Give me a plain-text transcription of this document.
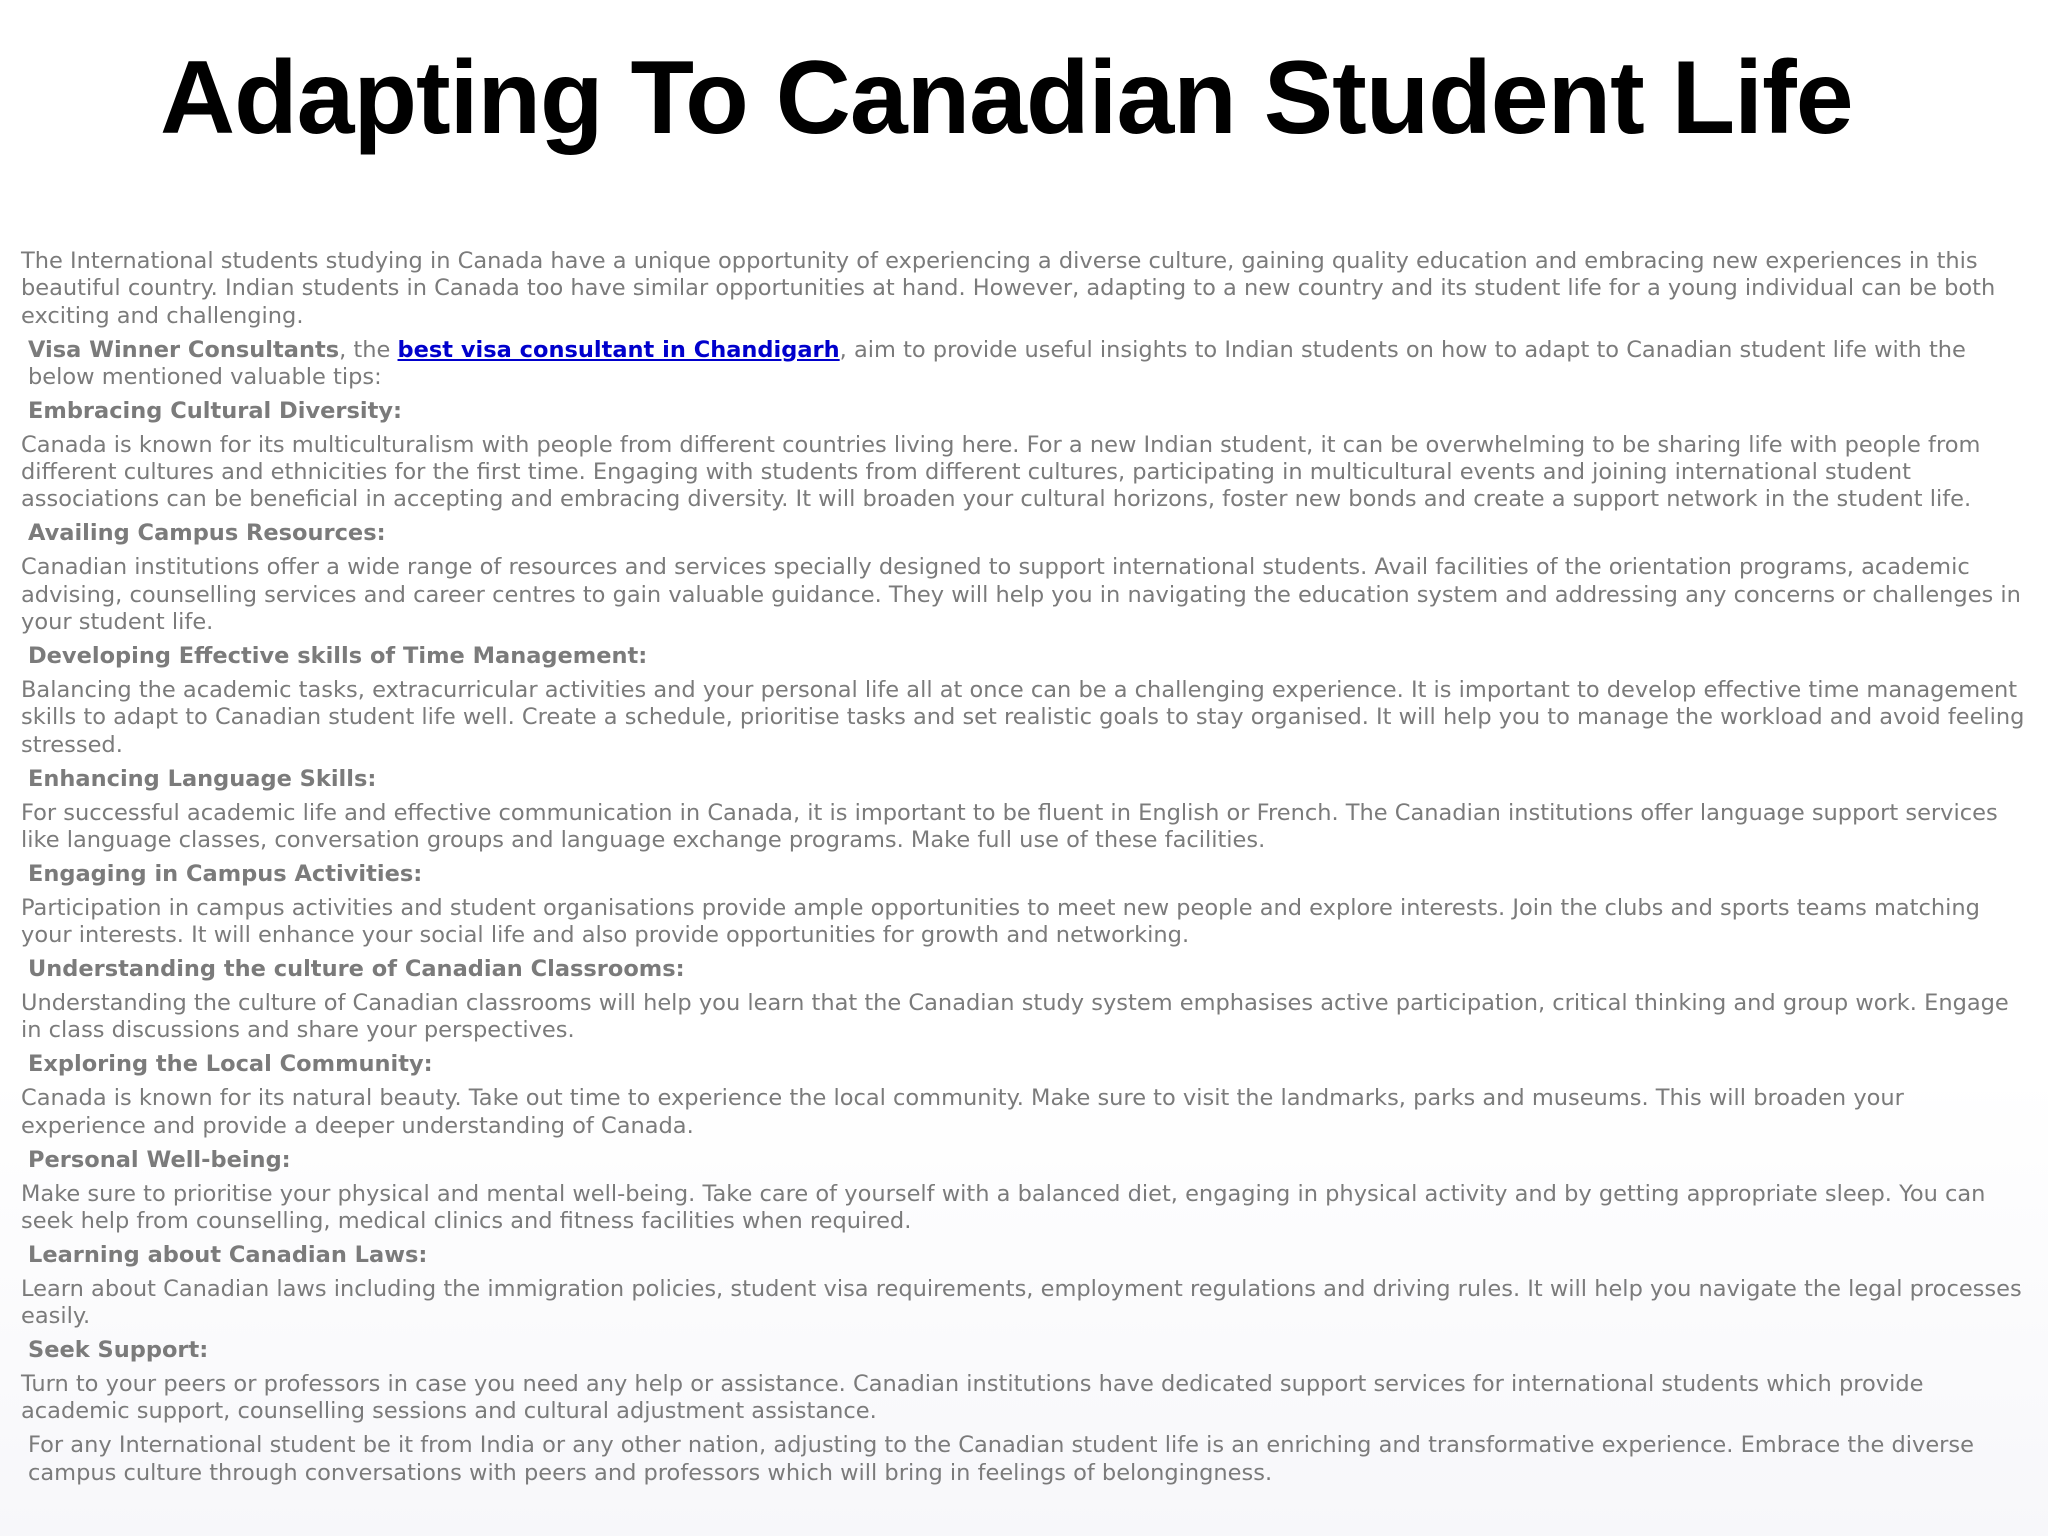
Adapting To Canadian Student Life

The International students studying in Canada have a unique opportunity of experiencing a diverse culture, gaining quality education and embracing new experiences in this beautiful country. Indian students in Canada too have similar opportunities at hand. However, adapting to a new country and its student life for a young individual can be both exciting and challenging.

Visa Winner Consultants, the best visa consultant in Chandigarh, aim to provide useful insights to Indian students on how to adapt to Canadian student life with the below mentioned valuable tips:

Embracing Cultural Diversity:

Canada is known for its multiculturalism with people from different countries living here. For a new Indian student, it can be overwhelming to be sharing life with people from different cultures and ethnicities for the first time. Engaging with students from different cultures, participating in multicultural events and joining international student associations can be beneficial in accepting and embracing diversity. It will broaden your cultural horizons, foster new bonds and create a support network in the student life.

Availing Campus Resources:

Canadian institutions offer a wide range of resources and services specially designed to support international students. Avail facilities of the orientation programs, academic advising, counselling services and career centres to gain valuable guidance. They will help you in navigating the education system and addressing any concerns or challenges in your student life.

Developing Effective skills of Time Management:

Balancing the academic tasks, extracurricular activities and your personal life all at once can be a challenging experience. It is important to develop effective time management skills to adapt to Canadian student life well. Create a schedule, prioritise tasks and set realistic goals to stay organised. It will help you to manage the workload and avoid feeling stressed.

Enhancing Language Skills:

For successful academic life and effective communication in Canada, it is important to be fluent in English or French. The Canadian institutions offer language support services like language classes, conversation groups and language exchange programs. Make full use of these facilities.

Engaging in Campus Activities:

Participation in campus activities and student organisations provide ample opportunities to meet new people and explore interests. Join the clubs and sports teams matching your interests. It will enhance your social life and also provide opportunities for growth and networking.

Understanding the culture of Canadian Classrooms:

Understanding the culture of Canadian classrooms will help you learn that the Canadian study system emphasises active participation, critical thinking and group work. Engage in class discussions and share your perspectives.

Exploring the Local Community:

Canada is known for its natural beauty. Take out time to experience the local community. Make sure to visit the landmarks, parks and museums. This will broaden your experience and provide a deeper understanding of Canada.

Personal Well-being:

Make sure to prioritise your physical and mental well-being. Take care of yourself with a balanced diet, engaging in physical activity and by getting appropriate sleep. You can seek help from counselling, medical clinics and fitness facilities when required.

Learning about Canadian Laws:

Learn about Canadian laws including the immigration policies, student visa requirements, employment regulations and driving rules. It will help you navigate the legal processes easily.

Seek Support:

Turn to your peers or professors in case you need any help or assistance. Canadian institutions have dedicated support services for international students which provide academic support, counselling sessions and cultural adjustment assistance.

For any International student be it from India or any other nation, adjusting to the Canadian student life is an enriching and transformative experience. Embrace the diverse campus culture through conversations with peers and professors which will bring in feelings of belongingness.
